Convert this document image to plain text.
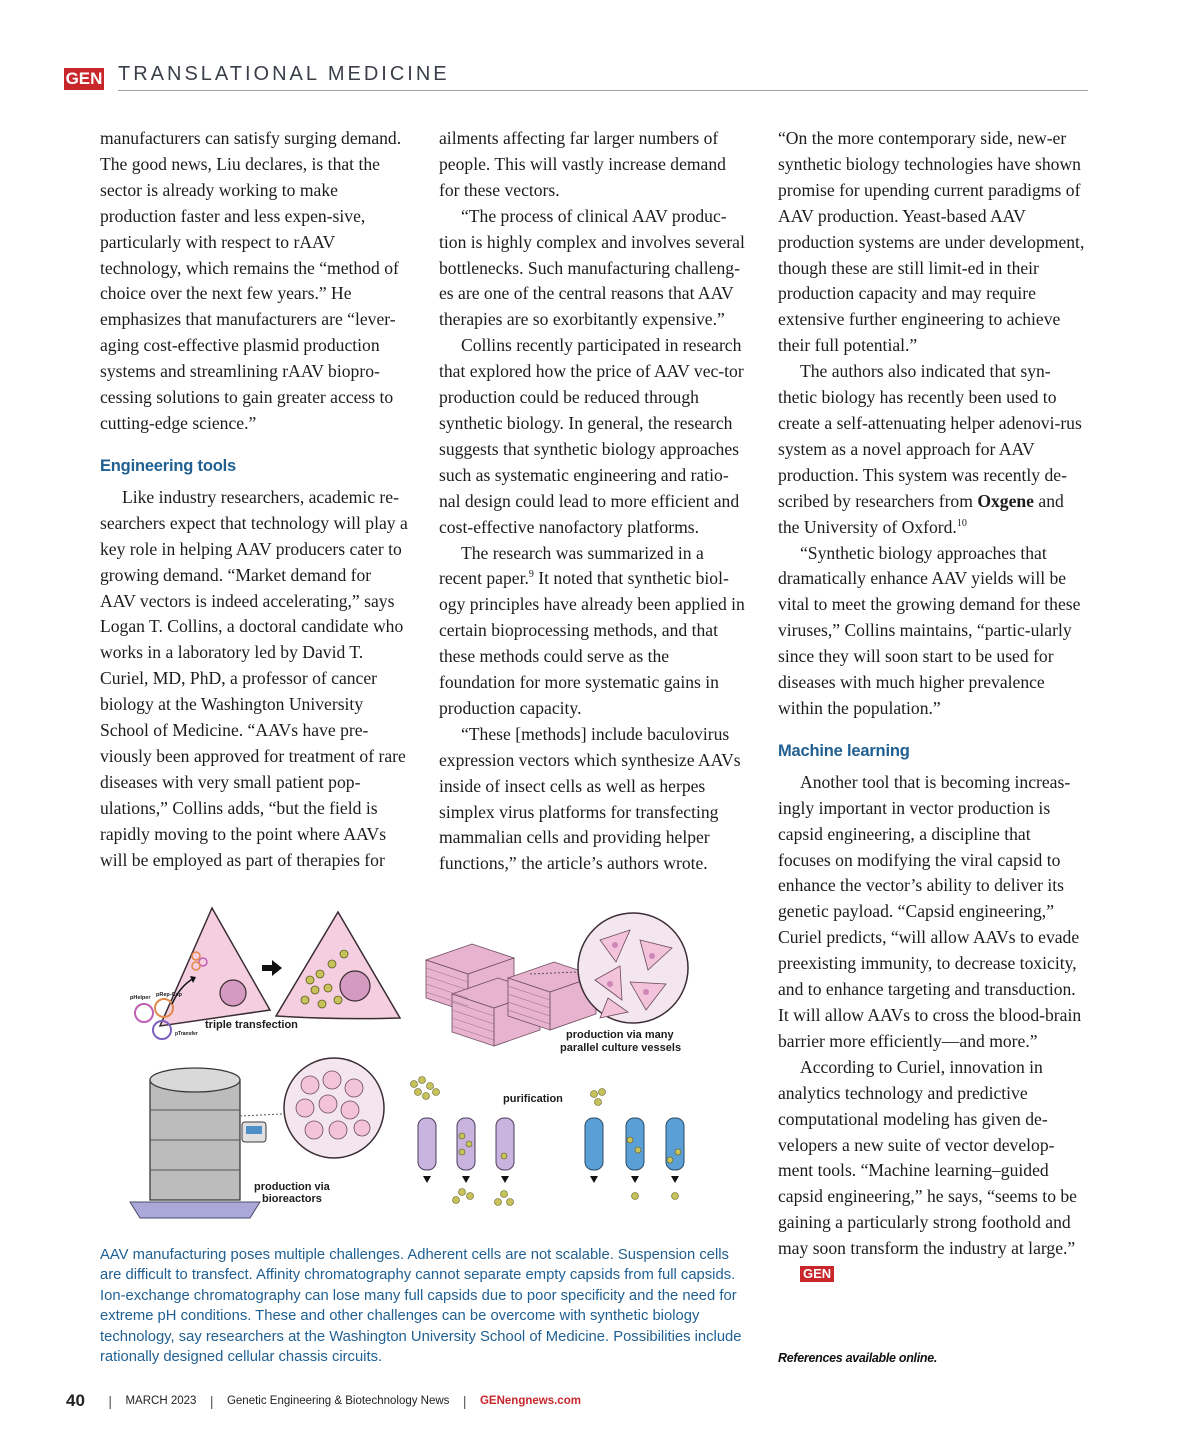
GEN TRANSLATIONAL MEDICINE

manufacturers can satisfy surging demand. The good news, Liu declares, is that the sector is already working to make production faster and less expen-sive, particularly with respect to rAAV technology, which remains the “method of choice over the next few years.” He emphasizes that manufacturers are “lever-aging cost-effective plasmid production systems and streamlining rAAV biopro-cessing solutions to gain greater access to cutting-edge science.”

Engineering tools

Like industry researchers, academic re-searchers expect that technology will play a key role in helping AAV producers cater to growing demand. “Market demand for AAV vectors is indeed accelerating,” says Logan T. Collins, a doctoral candidate who works in a laboratory led by David T. Curiel, MD, PhD, a professor of cancer biology at the Washington University School of Medicine. “AAVs have pre-viously been approved for treatment of rare diseases with very small patient pop-ulations,” Collins adds, “but the field is rapidly moving to the point where AAVs will be employed as part of therapies for

ailments affecting far larger numbers of people. This will vastly increase demand for these vectors.

“The process of clinical AAV produc-tion is highly complex and involves several bottlenecks. Such manufacturing challeng-es are one of the central reasons that AAV therapies are so exorbitantly expensive.”

Collins recently participated in research that explored how the price of AAV vec-tor production could be reduced through synthetic biology. In general, the research suggests that synthetic biology approaches such as systematic engineering and ratio-nal design could lead to more efficient and cost-effective nanofactory platforms.

The research was summarized in a recent paper.$^9$ It noted that synthetic biol-ogy principles have already been applied in certain bioprocessing methods, and that these methods could serve as the foundation for more systematic gains in production capacity.

“These [methods] include baculovirus expression vectors which synthesize AAVs inside of insect cells as well as herpes simplex virus platforms for transfecting mammalian cells and providing helper functions,” the article’s authors wrote.

“On the more contemporary side, new-er synthetic biology technologies have shown promise for upending current paradigms of AAV production. Yeast-based AAV production systems are under development, though these are still limit-ed in their production capacity and may require extensive further engineering to achieve their full potential.”

The authors also indicated that syn-thetic biology has recently been used to create a self-attenuating helper adenovi-rus system as a novel approach for AAV production. This system was recently de-scribed by researchers from Oxgene and the University of Oxford.$^{10}$

“Synthetic biology approaches that dramatically enhance AAV yields will be vital to meet the growing demand for these viruses,” Collins maintains, “partic-ularly since they will soon start to be used for diseases with much higher prevalence within the population.”

Machine learning

Another tool that is becoming increas-ingly important in vector production is capsid engineering, a discipline that focuses on modifying the viral capsid to enhance the vector’s ability to deliver its genetic payload. “Capsid engineering,” Curiel predicts, “will allow AAVs to evade preexisting immunity, to decrease toxicity, and to enhance targeting and transduction. It will allow AAVs to cross the blood-brain barrier more efficiently—and more.”

According to Curiel, innovation in analytics technology and predictive computational modeling has given de-velopers a new suite of vector develop-ment tools. “Machine learning–guided capsid engineering,” he says, “seems to be gaining a particularly strong foothold and may soon transform the industry at large.”GEN

pHelper pRep-Cap
pTransfer
triple transfection
production via many
parallel culture vessels
production via
bioreactors
purification
AAV manufacturing poses multiple challenges. Adherent cells are not scalable. Suspension cells are difficult to transfect. Affinity chromatography cannot separate empty capsids from full capsids. Ion-exchange chromatography can lose many full capsids due to poor specificity and the need for extreme pH conditions. These and other challenges can be overcome with synthetic biology technology, say researchers at the Washington University School of Medicine. Possibilities include rationally designed cellular chassis circuits.	References available online.
40 | MARCH 2023 | Genetic Engineering & Biotechnology News | GENengnews.com
